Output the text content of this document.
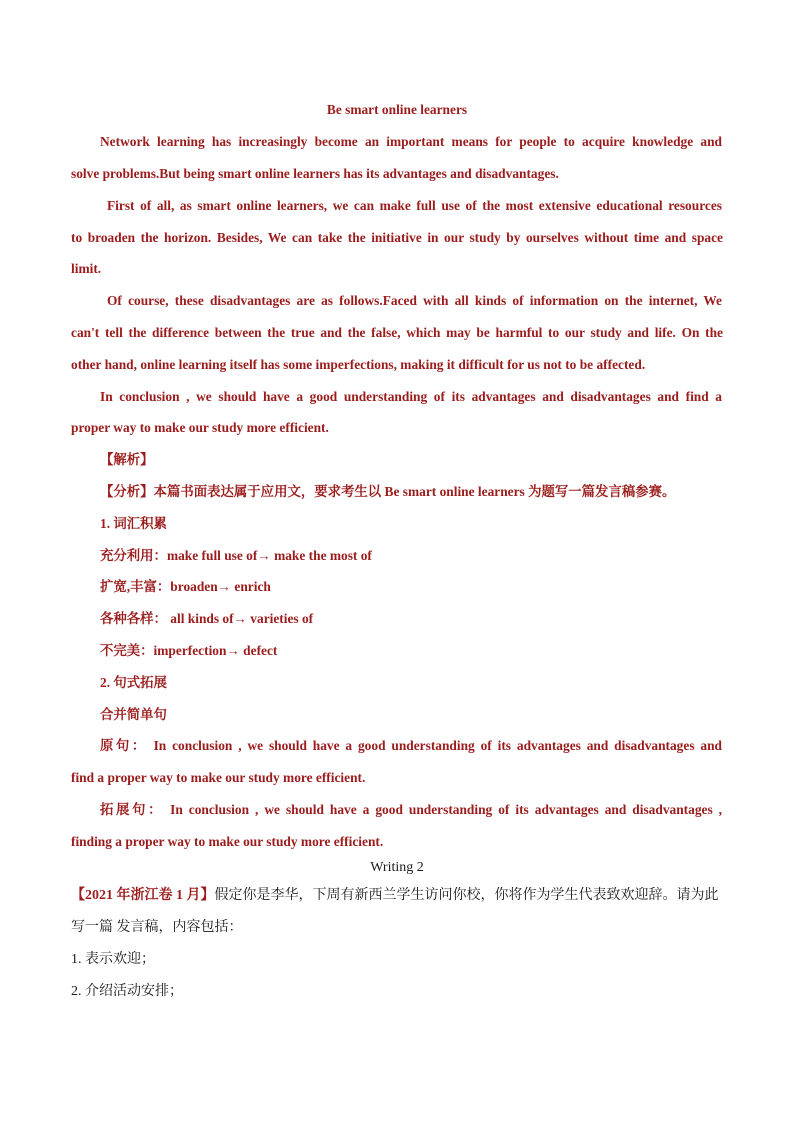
Be smart online learners
Network learning has increasingly become an important means for people to acquire knowledge and
solve problems.But being smart online learners has its advantages and disadvantages.
First of all, as smart online learners, we can make full use of the most extensive educational resources
to broaden the horizon. Besides, We can take the initiative in our study by ourselves without time and space
limit.
Of course, these disadvantages are as follows.Faced with all kinds of information on the internet, We
can't tell the difference between the true and the false, which may be harmful to our study and life. On the
other hand, online learning itself has some imperfections, making it difficult for us not to be affected.
In conclusion , we should have a good understanding of its advantages and disadvantages and find a
proper way to make our study more efficient.
【解析】
【分析】本篇书面表达属于应用文，要求考生以 Be smart online learners 为题写一篇发言稿参赛。
1. 词汇积累
充分利用：make full use of→ make the most of
扩宽,丰富：broaden→ enrich
各种各样： all kinds of→ varieties of
不完美：imperfection→ defect
2. 句式拓展
合并简单句
原句： In conclusion , we should have a good understanding of its advantages and disadvantages and
find a proper way to make our study more efficient.
拓展句： In conclusion , we should have a good understanding of its advantages and disadvantages ,
finding a proper way to make our study more efficient.
Writing 2
【2021 年浙江卷 1 月】假定你是李华，下周有新西兰学生访问你校，你将作为学生代表致欢迎辞。请为此
写一篇 发言稿，内容包括：
1. 表示欢迎；
2. 介绍活动安排；
